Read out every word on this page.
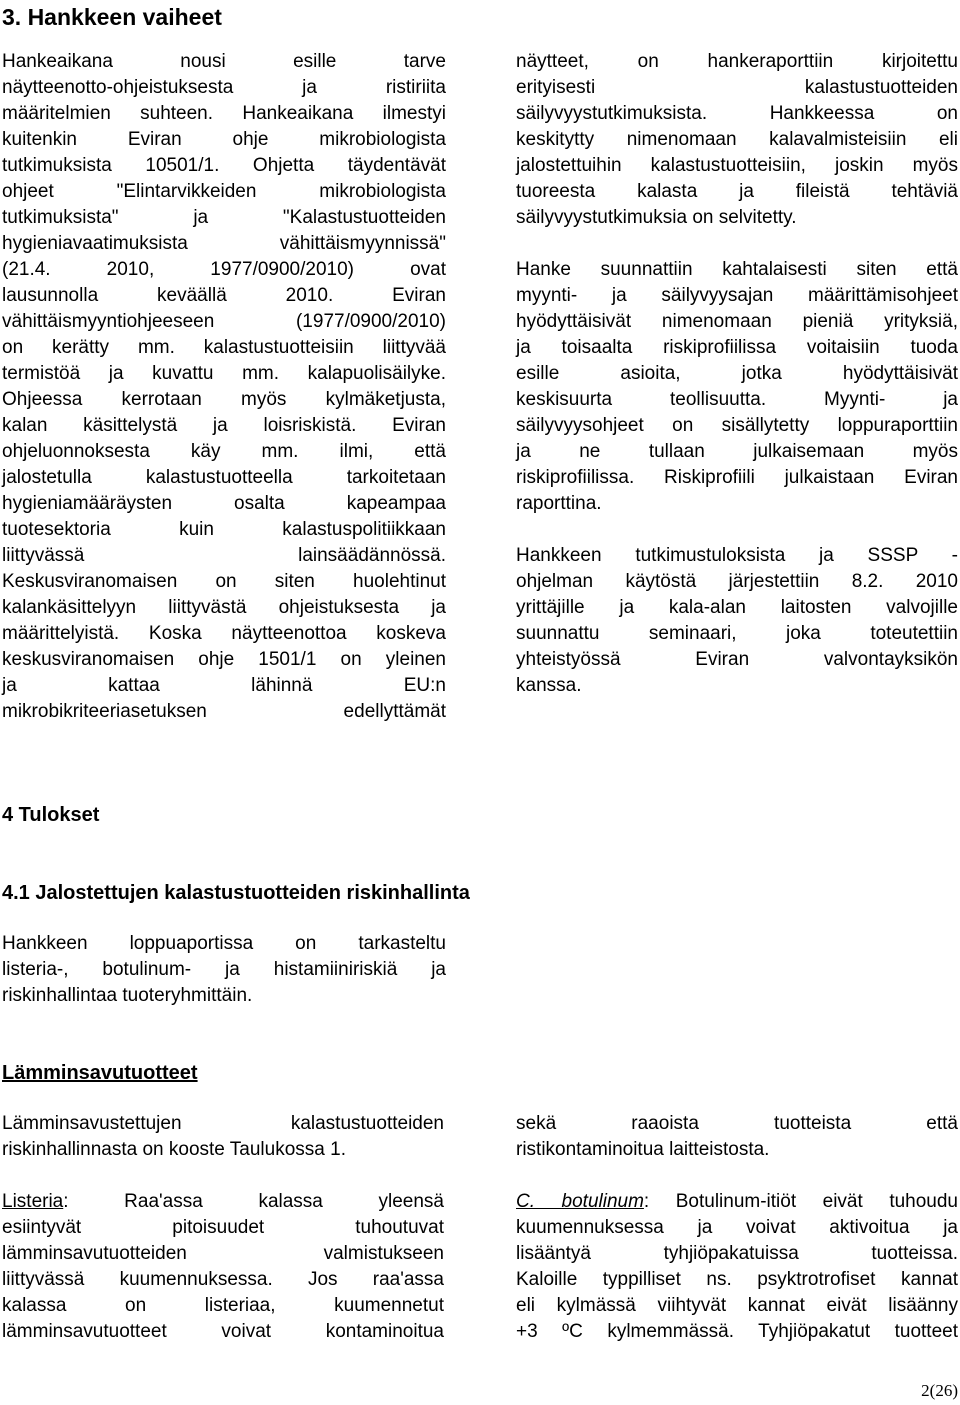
3. Hankkeen vaiheet
Hankeaikana nousi esille tarve
näytteenotto-ohjeistuksesta ja ristiriita
määritelmien suhteen. Hankeaikana ilmestyi
kuitenkin Eviran ohje mikrobiologista
tutkimuksista 10501/1. Ohjetta täydentävät
ohjeet "Elintarvikkeiden mikrobiologista
tutkimuksista" ja "Kalastustuotteiden
hygieniavaatimuksista vähittäismyynnissä"
(21.4. 2010, 1977/0900/2010) ovat
lausunnolla keväällä 2010. Eviran
vähittäismyyntiohjeeseen (1977/0900/2010)
on kerätty mm. kalastustuotteisiin liittyvää
termistöä ja kuvattu mm. kalapuolisäilyke.
Ohjeessa kerrotaan myös kylmäketjusta,
kalan käsittelystä ja loisriskistä. Eviran
ohjeluonnoksesta käy mm. ilmi, että
jalostetulla kalastustuotteella tarkoitetaan
hygieniamääräysten osalta kapeampaa
tuotesektoria kuin kalastuspolitiikkaan
liittyvässä lainsäädännössä.
Keskusviranomaisen on siten huolehtinut
kalankäsittelyyn liittyvästä ohjeistuksesta ja
määrittelyistä. Koska näytteenottoa koskeva
keskusviranomaisen ohje 1501/1 on yleinen
ja kattaa lähinnä EU:n
mikrobikriteeriasetuksen edellyttämät
näytteet, on hankeraporttiin kirjoitettu
erityisesti kalastustuotteiden
säilyvyystutkimuksista. Hankkeessa on
keskitytty nimenomaan kalavalmisteisiin eli
jalostettuihin kalastustuotteisiin, joskin myös
tuoreesta kalasta ja fileistä tehtäviä
säilyvyystutkimuksia on selvitetty.
Hanke suunnattiin kahtalaisesti siten että
myynti- ja säilyvyysajan määrittämisohjeet
hyödyttäisivät nimenomaan pieniä yrityksiä,
ja toisaalta riskiprofiilissa voitaisiin tuoda
esille asioita, jotka hyödyttäisivät
keskisuurta teollisuutta. Myynti- ja
säilyvyysohjeet on sisällytetty loppuraporttiin
ja ne tullaan julkaisemaan myös
riskiprofiilissa. Riskiprofiili julkaistaan Eviran
raporttina.
Hankkeen tutkimustuloksista ja SSSP -
ohjelman käytöstä järjestettiin 8.2. 2010
yrittäjille ja kala-alan laitosten valvojille
suunnattu seminaari, joka toteutettiin
yhteistyössä Eviran valvontayksikön
kanssa.
4 Tulokset
4.1 Jalostettujen kalastustuotteiden riskinhallinta
Hankkeen loppuaportissa on tarkasteltu
listeria-, botulinum- ja histamiiniriskiä ja
riskinhallintaa tuoteryhmittäin.
Lämminsavutuotteet
Lämminsavustettujen kalastustuotteiden
riskinhallinnasta on kooste Taulukossa 1.
Listeria:    Raa'assa    kalassa    yleensä
esiintyvät pitoisuudet tuhoutuvat
lämminsavutuotteiden valmistukseen
liittyvässä kuumennuksessa. Jos raa'assa
kalassa on listeriaa, kuumennetut
lämminsavutuotteet voivat kontaminoitua
sekä raaoista tuotteista että
ristikontaminoitua laitteistosta.
C. botulinum: Botulinum-itiöt eivät tuhoudu
kuumennuksessa ja voivat aktivoitua ja
lisääntyä tyhjiöpakatuissa tuotteissa.
Kaloille typpilliset ns. psyktrotrofiset kannat
eli kylmässä viihtyvät kannat eivät lisäänny
+3 ºC kylmemmässä. Tyhjiöpakatut tuotteet
2(26)
